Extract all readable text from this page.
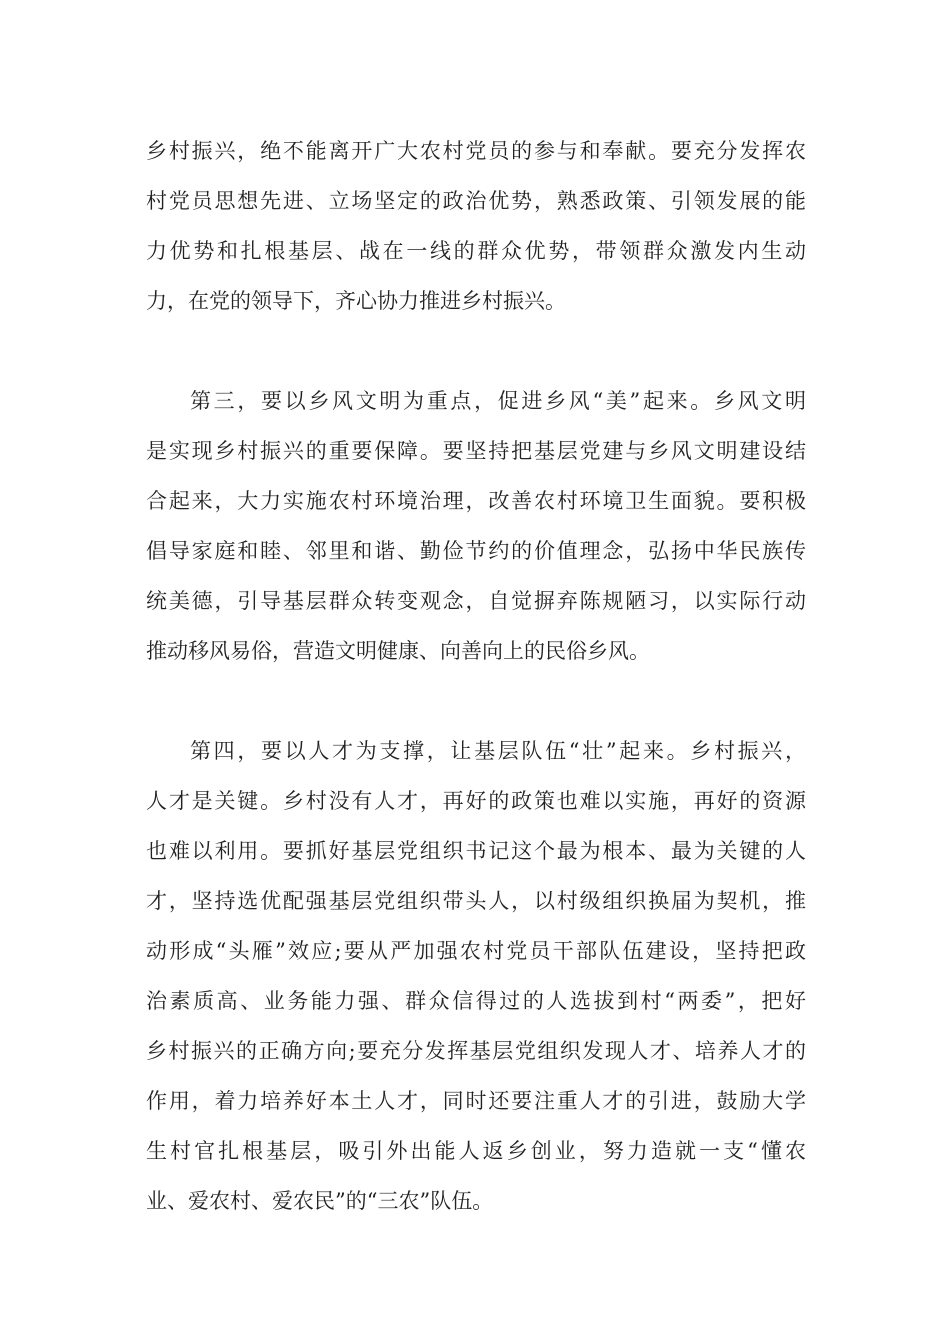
乡村振兴，绝不能离开广大农村党员的参与和奉献。要充分发挥农
村党员思想先进、立场坚定的政治优势，熟悉政策、引领发展的能
力优势和扎根基层、战在一线的群众优势，带领群众激发内生动
力，在党的领导下，齐心协力推进乡村振兴。
第三，要以乡风文明为重点，促进乡风“美”起来。乡风文明
是实现乡村振兴的重要保障。要坚持把基层党建与乡风文明建设结
合起来，大力实施农村环境治理，改善农村环境卫生面貌。要积极
倡导家庭和睦、邻里和谐、勤俭节约的价值理念，弘扬中华民族传
统美德，引导基层群众转变观念，自觉摒弃陈规陋习，以实际行动
推动移风易俗，营造文明健康、向善向上的民俗乡风。
第四，要以人才为支撑，让基层队伍“壮”起来。乡村振兴，
人才是关键。乡村没有人才，再好的政策也难以实施，再好的资源
也难以利用。要抓好基层党组织书记这个最为根本、最为关键的人
才，坚持选优配强基层党组织带头人，以村级组织换届为契机，推
动形成“头雁”效应;要从严加强农村党员干部队伍建设，坚持把政
治素质高、业务能力强、群众信得过的人选拔到村“两委”，把好
乡村振兴的正确方向;要充分发挥基层党组织发现人才、培养人才的
作用，着力培养好本土人才，同时还要注重人才的引进，鼓励大学
生村官扎根基层，吸引外出能人返乡创业，努力造就一支“懂农
业、爱农村、爱农民”的“三农”队伍。
